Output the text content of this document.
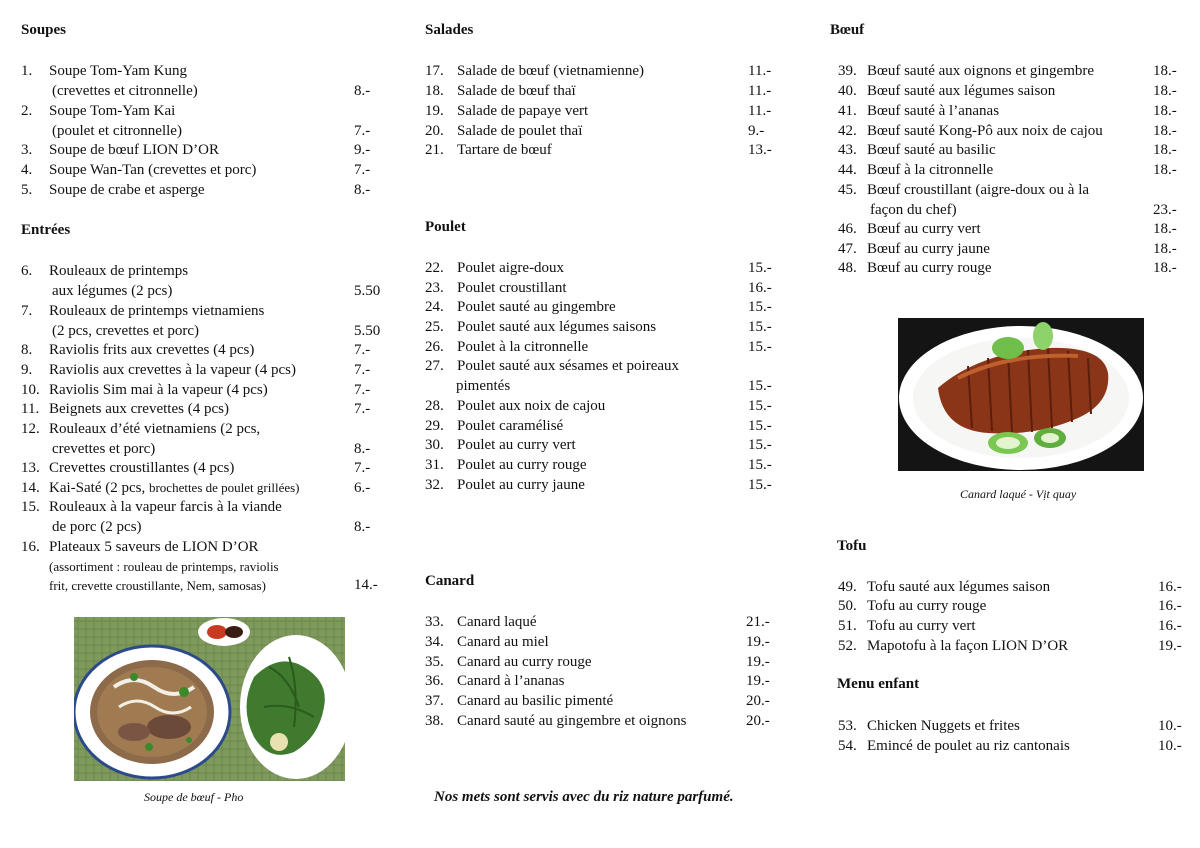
Soupes
1. Soupe Tom-Yam Kung
(crevettes et citronnelle)	8.-
2. Soupe Tom-Yam Kai
(poulet et citronnelle)	7.-
3. Soupe de bœuf LION D’OR	9.-
4. Soupe Wan-Tan (crevettes et porc)	7.-
5. Soupe de crabe et asperge	8.-
Entrées
6. Rouleaux de printemps
aux légumes (2 pcs)	5.50
7. Rouleaux de printemps vietnamiens
(2 pcs, crevettes et porc)	5.50
8. Raviolis frits aux crevettes (4 pcs)	7.-
9. Raviolis aux crevettes à la vapeur (4 pcs)	7.-
10. Raviolis Sim mai à la vapeur (4 pcs)	7.-
11. Beignets aux crevettes (4 pcs)	7.-
12. Rouleaux d’été vietnamiens (2 pcs,
crevettes et porc)	8.-
13. Crevettes croustillantes (4 pcs)	7.-
14. Kai-Saté (2 pcs, brochettes de poulet grillées)	6.-
15. Rouleaux à la vapeur farcis à la viande
de porc (2 pcs)	8.-
16. Plateaux 5 saveurs de LION D’OR
(assortiment : rouleau de printemps, raviolis
frit, crevette croustillante, Nem, samosas)	14.-
Soupe de bœuf - Pho
Salades
17. Salade de bœuf (vietnamienne)	11.-
18. Salade de bœuf thaï	11.-
19. Salade de papaye vert	11.-
20. Salade de poulet thaï	9.-
21. Tartare de bœuf	13.-
Poulet
22. Poulet aigre-doux	15.-
23. Poulet croustillant	16.-
24. Poulet sauté au gingembre	15.-
25. Poulet sauté aux légumes saisons	15.-
26. Poulet à la citronnelle	15.-
27. Poulet sauté aux sésames et poireaux
pimentés	15.-
28. Poulet aux noix de cajou	15.-
29. Poulet caramélisé	15.-
30. Poulet au curry vert	15.-
31. Poulet au curry rouge	15.-
32. Poulet au curry jaune	15.-
Canard
33. Canard laqué	21.-
34. Canard au miel	19.-
35. Canard au curry rouge	19.-
36. Canard à l’ananas	19.-
37. Canard au basilic pimenté	20.-
38. Canard sauté au gingembre et oignons	20.-
Nos mets sont servis avec du riz nature parfumé.
Bœuf
39. Bœuf sauté aux oignons et gingembre	18.-
40. Bœuf sauté aux légumes saison	18.-
41. Bœuf sauté à l’ananas	18.-
42. Bœuf sauté Kong-Pô aux noix de cajou	18.-
43. Bœuf sauté au basilic	18.-
44. Bœuf à la citronnelle	18.-
45. Bœuf croustillant (aigre-doux ou à la
façon du chef)	23.-
46. Bœuf au curry vert	18.-
47. Bœuf au curry jaune	18.-
48. Bœuf au curry rouge	18.-
Canard laqué - Vịt quay
Tofu
49. Tofu sauté aux légumes saison	16.-
50. Tofu au curry rouge	16.-
51. Tofu au curry vert	16.-
52. Mapotofu à la façon LION D’OR	19.-
Menu enfant
53. Chicken Nuggets et frites	10.-
54. Emincé de poulet au riz cantonais	10.-
